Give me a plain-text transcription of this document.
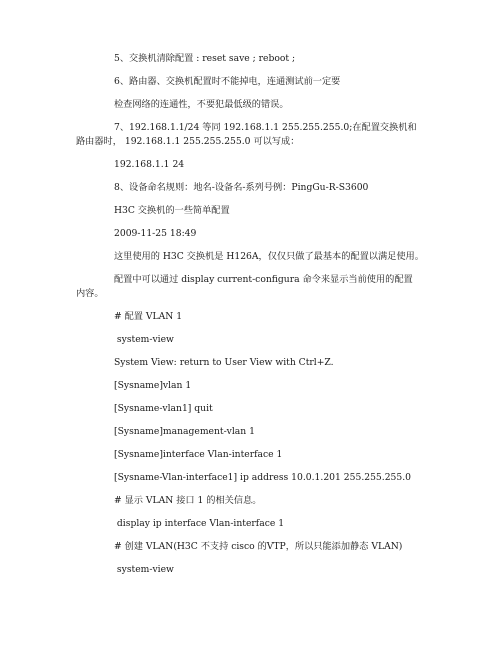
5、交换机清除配置 : reset save ; reboot ;
6、路由器、交换机配置时不能掉电，连通测试前一定要
检查网络的连通性，不要犯最低级的错误。
7、192.168.1.1/24 等同 192.168.1.1 255.255.255.0;在配置交换机和
路由器时， 192.168.1.1 255.255.255.0 可以写成：
192.168.1.1 24
8、设备命名规则：地名-设备名-系列号例：PingGu-R-S3600
H3C 交换机的一些简单配置
2009-11-25 18:49
这里使用的 H3C 交换机是 H126A，仅仅只做了最基本的配置以满足使用。
配置中可以通过 display current-configura 命令来显示当前使用的配置
内容。
# 配置 VLAN 1
system-view
System View: return to User View with Ctrl+Z.
[Sysname]vlan 1
[Sysname-vlan1] quit
[Sysname]management-vlan 1
[Sysname]interface Vlan-interface 1
[Sysname-Vlan-interface1] ip address 10.0.1.201 255.255.255.0
# 显示 VLAN 接口 1 的相关信息。
display ip interface Vlan-interface 1
# 创建 VLAN(H3C 不支持 cisco 的VTP，所以只能添加静态 VLAN)
system-view
